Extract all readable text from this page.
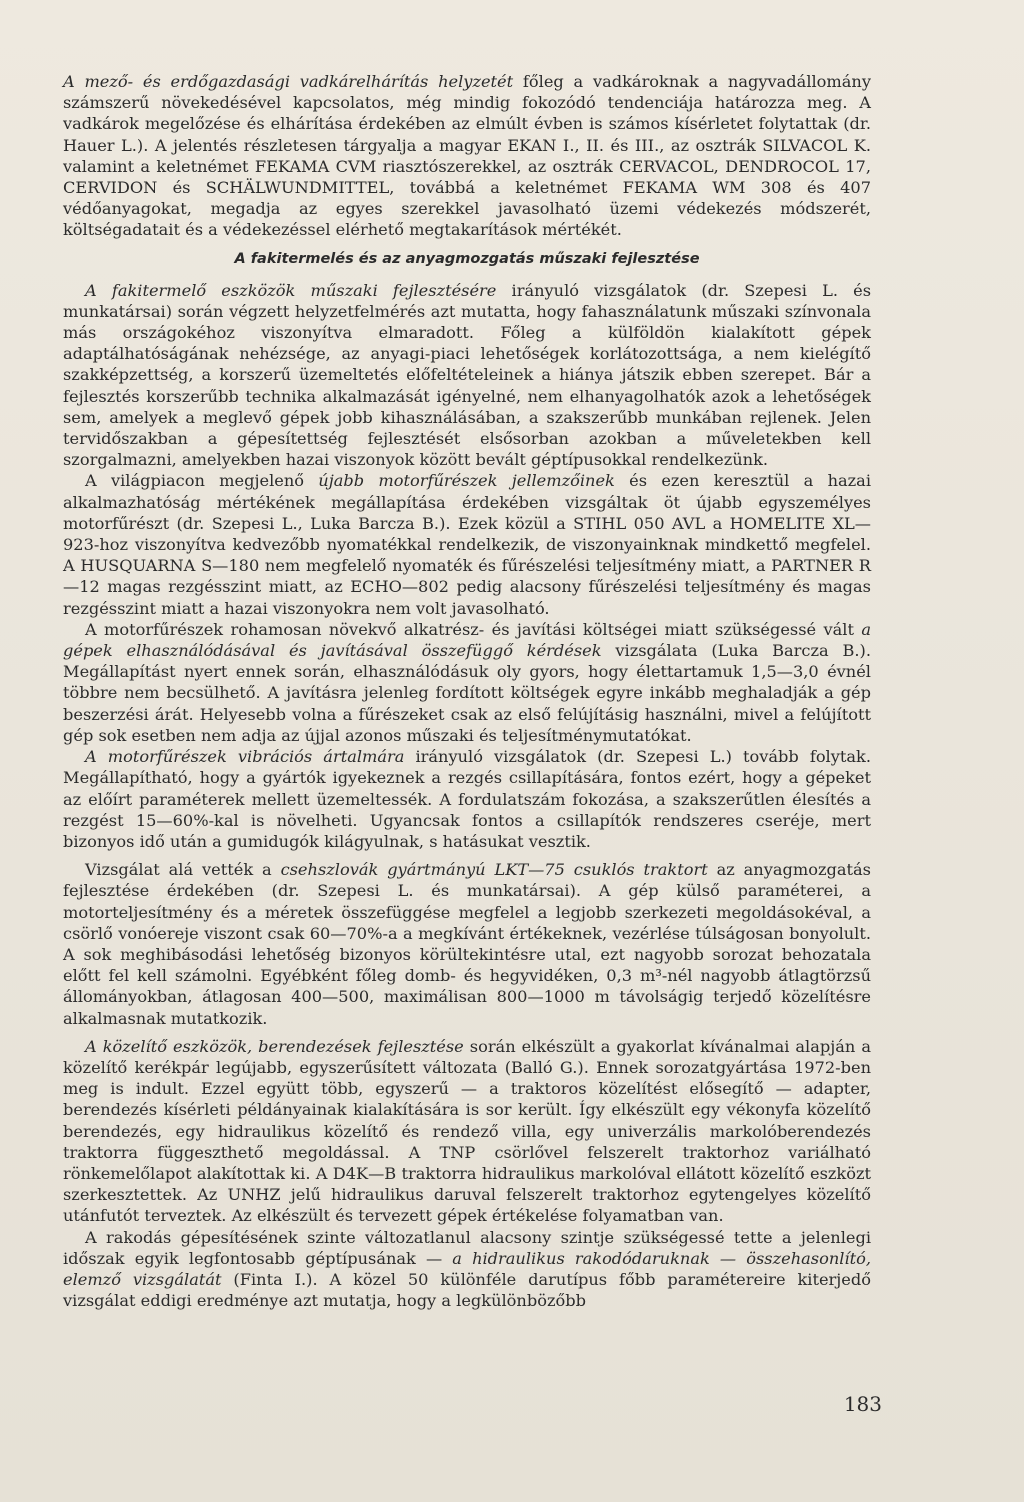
A mező- és erdőgazdasági vadkárelhárítás helyzetét főleg a vadkároknak a nagyvadállomány számszerű növekedésével kapcsolatos, még mindig fokozódó tendenciája határozza meg. A vadkárok megelőzése és elhárítása érdekében az elmúlt évben is számos kísérletet folytattak (dr. Hauer L.). A jelentés részletesen tárgyalja a magyar EKAN I., II. és III., az osztrák SILVACOL K. valamint a keletnémet FEKAMA CVM riasztószerekkel, az osztrák CERVACOL, DENDROCOL 17, CERVIDON és SCHÄLWUNDMITTEL, továbbá a keletnémet FEKAMA WM 308 és 407 védőanyagokat, megadja az egyes szerekkel javasolható üzemi védekezés módszerét, költségadatait és a védekezéssel elérhető megtakarítások mértékét.

A fakitermelés és az anyagmozgatás műszaki fejlesztése

A fakitermelő eszközök műszaki fejlesztésére irányuló vizsgálatok (dr. Szepesi L. és munkatársai) során végzett helyzetfelmérés azt mutatta, hogy fahasználatunk műszaki színvonala más országokéhoz viszonyítva elmaradott. Főleg a külföldön kialakított gépek adaptálhatóságának nehézsége, az anyagi-piaci lehetőségek korlátozottsága, a nem kielégítő szakképzettség, a korszerű üzemeltetés előfeltételeinek a hiánya játszik ebben szerepet. Bár a fejlesztés korszerűbb technika alkalmazását igényelné, nem elhanyagolhatók azok a lehetőségek sem, amelyek a meglevő gépek jobb kihasználásában, a szakszerűbb munkában rejlenek. Jelen tervidőszakban a gépesítettség fejlesztését elsősorban azokban a műveletekben kell szorgalmazni, amelyekben hazai viszonyok között bevált géptípusokkal rendelkezünk.

A világpiacon megjelenő újabb motorfűrészek jellemzőinek és ezen keresztül a hazai alkalmazhatóság mértékének megállapítása érdekében vizsgáltak öt újabb egyszemélyes motorfűrészt (dr. Szepesi L., Luka Barcza B.). Ezek közül a STIHL 050 AVL a HOMELITE XL—923-hoz viszonyítva kedvezőbb nyomatékkal rendelkezik, de viszonyainknak mindkettő megfelel. A HUSQUARNA S—180 nem megfelelő nyomaték és fűrészelési teljesítmény miatt, a PARTNER R—12 magas rezgésszint miatt, az ECHO—802 pedig alacsony fűrészelési teljesítmény és magas rezgésszint miatt a hazai viszonyokra nem volt javasolható.

A motorfűrészek rohamosan növekvő alkatrész- és javítási költségei miatt szükségessé vált a gépek elhasználódásával és javításával összefüggő kérdések vizsgálata (Luka Barcza B.). Megállapítást nyert ennek során, elhasználódásuk oly gyors, hogy élettartamuk 1,5—3,0 évnél többre nem becsülhető. A javításra jelenleg fordított költségek egyre inkább meghaladják a gép beszerzési árát. Helyesebb volna a fűrészeket csak az első felújításig használni, mivel a felújított gép sok esetben nem adja az újjal azonos műszaki és teljesítménymutatókat.

A motorfűrészek vibrációs ártalmára irányuló vizsgálatok (dr. Szepesi L.) tovább folytak. Megállapítható, hogy a gyártók igyekeznek a rezgés csillapítására, fontos ezért, hogy a gépeket az előírt paraméterek mellett üzemeltessék. A fordulatszám fokozása, a szakszerűtlen élesítés a rezgést 15—60%-kal is növelheti. Ugyancsak fontos a csillapítók rendszeres cseréje, mert bizonyos idő után a gumidugók kilágyulnak, s hatásukat vesztik.

Vizsgálat alá vették a csehszlovák gyártmányú LKT—75 csuklós traktort az anyagmozgatás fejlesztése érdekében (dr. Szepesi L. és munkatársai). A gép külső paraméterei, a motorteljesítmény és a méretek összefüggése megfelel a legjobb szerkezeti megoldásokéval, a csörlő vonóereje viszont csak 60—70%-a a megkívánt értékeknek, vezérlése túlságosan bonyolult. A sok meghibásodási lehetőség bizonyos körültekintésre utal, ezt nagyobb sorozat behozatala előtt fel kell számolni. Egyébként főleg domb- és hegyvidéken, 0,3 m³-nél nagyobb átlagtörzsű állományokban, átlagosan 400—500, maximálisan 800—1000 m távolságig terjedő közelítésre alkalmasnak mutatkozik.

A közelítő eszközök, berendezések fejlesztése során elkészült a gyakorlat kívánalmai alapján a közelítő kerékpár legújabb, egyszerűsített változata (Balló G.). Ennek sorozatgyártása 1972-ben meg is indult. Ezzel együtt több, egyszerű — a traktoros közelítést elősegítő — adapter, berendezés kísérleti példányainak kialakítására is sor került. Így elkészült egy vékonyfa közelítő berendezés, egy hidraulikus közelítő és rendező villa, egy univerzális markolóberendezés traktorra függeszthető megoldással. A TNP csörlővel felszerelt traktorhoz variálható rönkemelőlapot alakítottak ki. A D4K—B traktorra hidraulikus markolóval ellátott közelítő eszközt szerkesztettek. Az UNHZ jelű hidraulikus daruval felszerelt traktorhoz egytengelyes közelítő utánfutót terveztek. Az elkészült és tervezett gépek értékelése folyamatban van.

A rakodás gépesítésének szinte változatlanul alacsony szintje szükségessé tette a jelenlegi időszak egyik legfontosabb géptípusának — a hidraulikus rakodódaruknak — összehasonlító, elemző vizsgálatát (Finta I.). A közel 50 különféle darutípus főbb paramétereire kiterjedő vizsgálat eddigi eredménye azt mutatja, hogy a legkülönbözőbb

183
